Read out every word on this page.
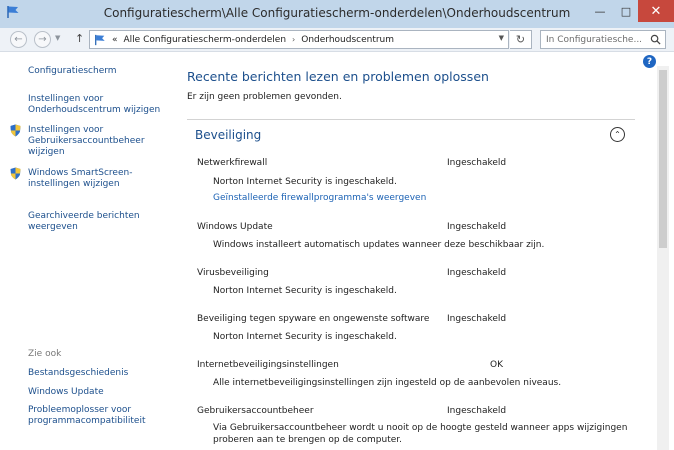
Configuratiescherm\Alle Configuratiescherm-onderdelen\Onderhoudscentrum	—	□	✕
←	→	▼ ↑	« Alle Configuratiescherm-onderdelen › Onderhoudscentrum	▼	↻
In Configuratiesche...
Configuratiescherm
Instellingen voor Onderhoudscentrum wijzigen
Instellingen voor Gebruikersaccountbeheer wijzigen
Windows SmartScreen-instellingen wijzigen
Gearchiveerde berichten weergeven
Zie ook
Bestandsgeschiedenis
Windows Update
Probleemoplosser voor programmacompatibiliteit
?
Recente berichten lezen en problemen oplossen
Er zijn geen problemen gevonden.
Beveiliging	⌃
Netwerkfirewall	Ingeschakeld
Norton Internet Security is ingeschakeld.
Geïnstalleerde firewallprogramma's weergeven
Windows Update	Ingeschakeld
Windows installeert automatisch updates wanneer deze beschikbaar zijn.
Virusbeveiliging	Ingeschakeld
Norton Internet Security is ingeschakeld.
Beveiliging tegen spyware en ongewenste software Ingeschakeld
Norton Internet Security is ingeschakeld.
Internetbeveiligingsinstellingen	OK
Alle internetbeveiligingsinstellingen zijn ingesteld op de aanbevolen niveaus.
Gebruikersaccountbeheer	Ingeschakeld
Via Gebruikersaccountbeheer wordt u nooit op de hoogte gesteld wanneer apps wijzigingen proberen aan te brengen op de computer.
